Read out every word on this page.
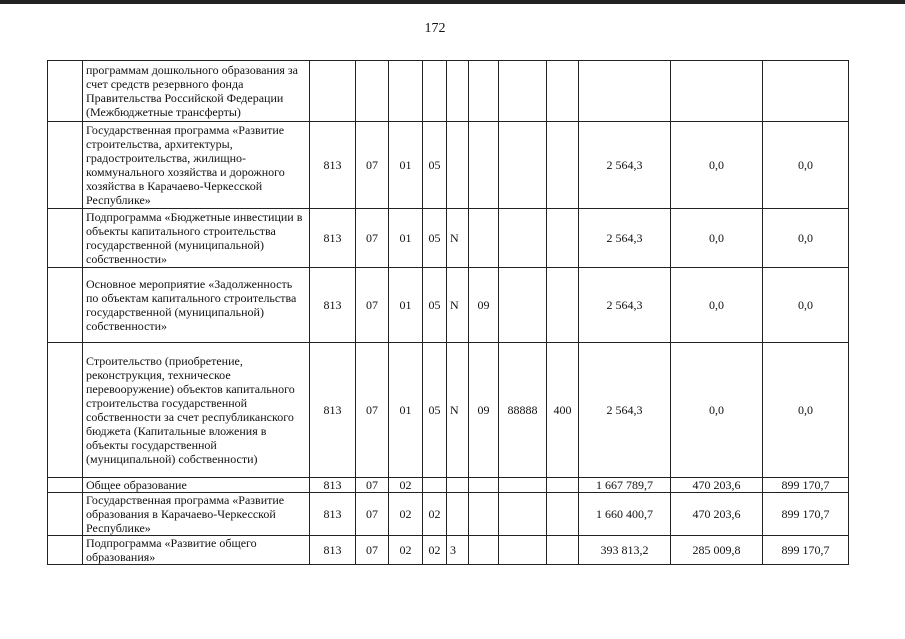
172
	программам дошкольного образования за счет средств резервного фонда Правительства Российской Федерации (Межбюджетные трансферты)											
	Государственная программа «Развитие строительства, архитектуры, градостроительства, жилищно-коммунального хозяйства и дорожного хозяйства в Карачаево-Черкесской Республике»	813	07	01	05					2 564,3	0,0	0,0
	Подпрограмма «Бюджетные инвестиции в объекты капитального строительства государственной (муниципальной) собственности»	813	07	01	05	N				2 564,3	0,0	0,0
	Основное мероприятие «Задолженность по объектам капитального строительства государственной (муниципальной) собственности»	813	07	01	05	N	09			2 564,3	0,0	0,0
	Строительство (приобретение, реконструкция, техническое перевооружение) объектов капитального строительства государственной собственности за счет республиканского бюджета (Капитальные вложения в объекты государственной (муниципальной) собственности)	813	07	01	05	N	09	88888	400	2 564,3	0,0	0,0
	Общее образование	813	07	02						1 667 789,7	470 203,6	899 170,7
	Государственная программа «Развитие образования в Карачаево-Черкесской Республике»	813	07	02	02					1 660 400,7	470 203,6	899 170,7
	Подпрограмма «Развитие общего образования»	813	07	02	02	3				393 813,2	285 009,8	899 170,7
